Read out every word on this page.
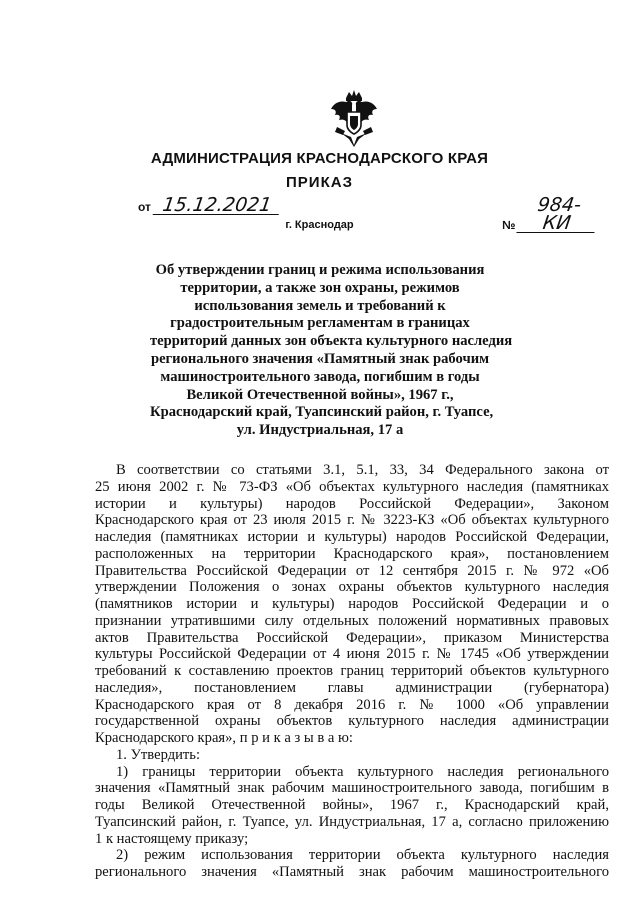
АДМИНИСТРАЦИЯ КРАСНОДАРСКОГО КРАЯ
ПРИКАЗ
от 15.12.2021
№ 984-КИ
г. Краснодар
Об утверждении границ и режима использования
территории, а также зон охраны, режимов
использования земель и требований к
градостроительным регламентам в границах
территорий данных зон объекта культурного наследия
регионального значения «Памятный знак рабочим
машиностроительного завода, погибшим в годы
Великой Отечественной войны», 1967 г.,
Краснодарский край, Туапсинский район, г. Туапсе,
ул. Индустриальная, 17 а
В соответствии со статьями 3.1, 5.1, 33, 34 Федерального закона от
25 июня 2002 г. № 73-ФЗ «Об объектах культурного наследия (памятниках
истории и культуры) народов Российской Федерации», Законом
Краснодарского края от 23 июля 2015 г. № 3223-КЗ «Об объектах культурного
наследия (памятниках истории и культуры) народов Российской Федерации,
расположенных на территории Краснодарского края», постановлением
Правительства Российской Федерации от 12 сентября 2015 г. № 972 «Об
утверждении Положения о зонах охраны объектов культурного наследия
(памятников истории и культуры) народов Российской Федерации и о
признании утратившими силу отдельных положений нормативных правовых
актов Правительства Российской Федерации», приказом Министерства
культуры Российской Федерации от 4 июня 2015 г. № 1745 «Об утверждении
требований к составлению проектов границ территорий объектов культурного
наследия», постановлением главы администрации (губернатора)
Краснодарского края от 8 декабря 2016 г. № 1000 «Об управлении
государственной охраны объектов культурного наследия администрации
Краснодарского края», п р и к а з ы в а ю:
1. Утвердить:
1) границы территории объекта культурного наследия регионального
значения «Памятный знак рабочим машиностроительного завода, погибшим в
годы Великой Отечественной войны», 1967 г., Краснодарский край,
Туапсинский район, г. Туапсе, ул. Индустриальная, 17 а, согласно приложению
1 к настоящему приказу;
2) режим использования территории объекта культурного наследия
регионального значения «Памятный знак рабочим машиностроительного
